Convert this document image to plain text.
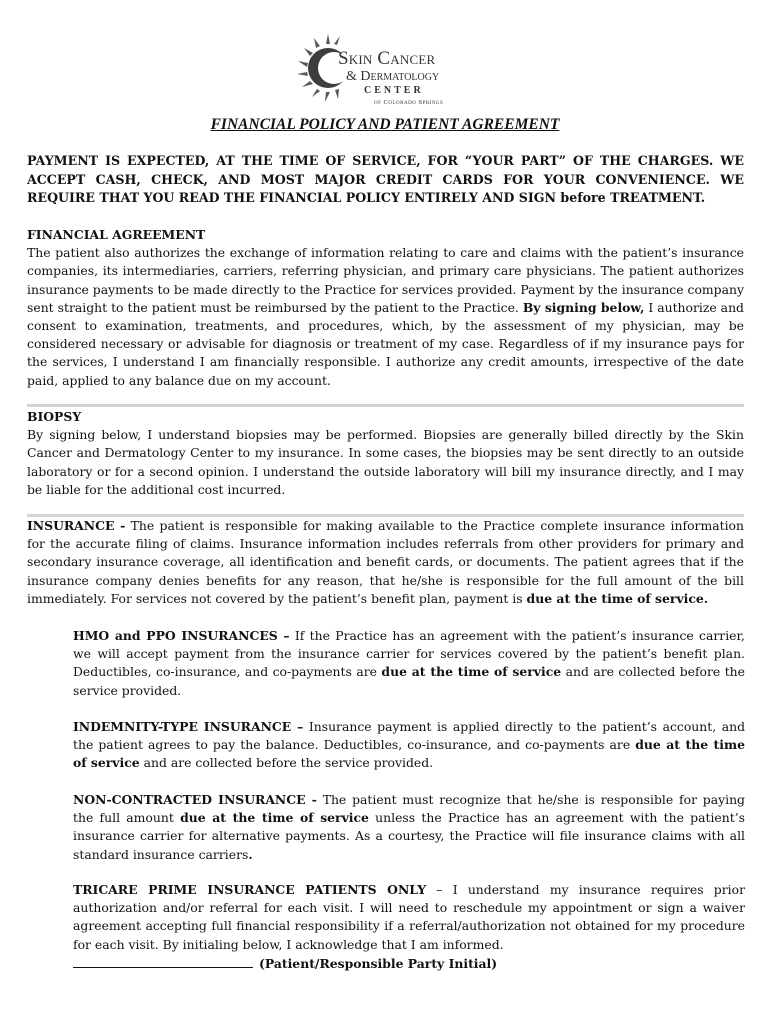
Skin Cancer
& Dermatology
CENTER
of Colorado Springs
FINANCIAL POLICY AND PATIENT AGREEMENT
PAYMENT IS EXPECTED, AT THE TIME OF SERVICE, FOR “YOUR PART” OF THE CHARGES. WE ACCEPT CASH, CHECK, AND MOST MAJOR CREDIT CARDS FOR YOUR CONVENIENCE. WE REQUIRE THAT YOU READ THE FINANCIAL POLICY ENTIRELY AND SIGN before TREATMENT.
FINANCIAL AGREEMENT
The patient also authorizes the exchange of information relating to care and claims with the patient’s insurance companies, its intermediaries, carriers, referring physician, and primary care physicians. The patient authorizes insurance payments to be made directly to the Practice for services provided. Payment by the insurance company sent straight to the patient must be reimbursed by the patient to the Practice. By signing below, I authorize and consent to examination, treatments, and procedures, which, by the assessment of my physician, may be considered necessary or advisable for diagnosis or treatment of my case. Regardless of if my insurance pays for the services, I understand I am financially responsible. I authorize any credit amounts, irrespective of the date paid, applied to any balance due on my account.
BIOPSY
By signing below, I understand biopsies may be performed. Biopsies are generally billed directly by the Skin Cancer and Dermatology Center to my insurance. In some cases, the biopsies may be sent directly to an outside laboratory or for a second opinion. I understand the outside laboratory will bill my insurance directly, and I may be liable for the additional cost incurred.
INSURANCE - The patient is responsible for making available to the Practice complete insurance information for the accurate filing of claims. Insurance information includes referrals from other providers for primary and secondary insurance coverage, all identification and benefit cards, or documents. The patient agrees that if the insurance company denies benefits for any reason, that he/she is responsible for the full amount of the bill immediately. For services not covered by the patient’s benefit plan, payment is due at the time of service.
HMO and PPO INSURANCES – If the Practice has an agreement with the patient’s insurance carrier, we will accept payment from the insurance carrier for services covered by the patient’s benefit plan. Deductibles, co-insurance, and co-payments are due at the time of service and are collected before the service provided.
INDEMNITY-TYPE INSURANCE – Insurance payment is applied directly to the patient’s account, and the patient agrees to pay the balance. Deductibles, co-insurance, and co-payments are due at the time of service and are collected before the service provided.
NON-CONTRACTED INSURANCE - The patient must recognize that he/she is responsible for paying the full amount due at the time of service unless the Practice has an agreement with the patient’s insurance carrier for alternative payments. As a courtesy, the Practice will file insurance claims with all standard insurance carriers.
TRICARE PRIME INSURANCE PATIENTS ONLY – I understand my insurance requires prior authorization and/or referral for each visit. I will need to reschedule my appointment or sign a waiver agreement accepting full financial responsibility if a referral/authorization not obtained for my procedure for each visit. By initialing below, I acknowledge that I am informed.
(Patient/Responsible Party Initial)
